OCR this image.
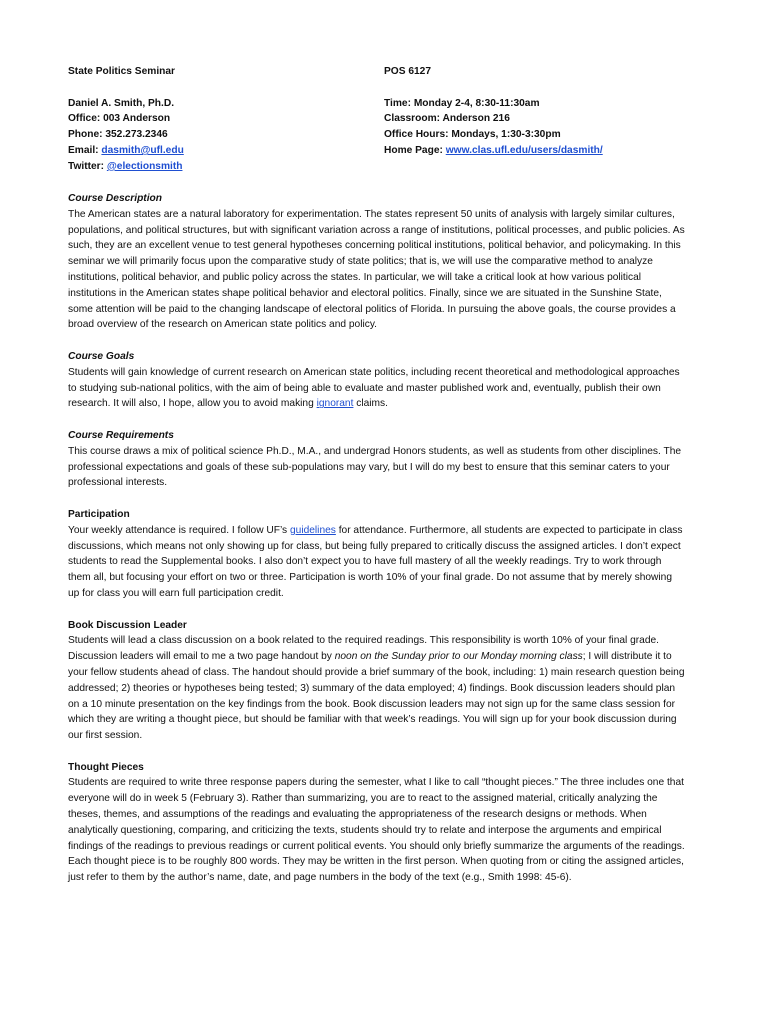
State Politics Seminar
Daniel A. Smith, Ph.D.
Office: 003 Anderson
Phone: 352.273.2346
Email: dasmith@ufl.edu
Twitter: @electionsmith
POS 6127
Time: Monday 2-4, 8:30-11:30am
Classroom: Anderson 216
Office Hours: Mondays, 1:30-3:30pm
Home Page: www.clas.ufl.edu/users/dasmith/
Course Description

The American states are a natural laboratory for experimentation. The states represent 50 units of analysis with largely similar cultures, populations, and political structures, but with significant variation across a range of institutions, political processes, and public policies. As such, they are an excellent venue to test general hypotheses concerning political institutions, political behavior, and policymaking. In this seminar we will primarily focus upon the comparative study of state politics; that is, we will use the comparative method to analyze institutions, political behavior, and public policy across the states. In particular, we will take a critical look at how various political institutions in the American states shape political behavior and electoral politics. Finally, since we are situated in the Sunshine State, some attention will be paid to the changing landscape of electoral politics of Florida. In pursuing the above goals, the course provides a broad overview of the research on American state politics and policy.

Course Goals

Students will gain knowledge of current research on American state politics, including recent theoretical and methodological approaches to studying sub-national politics, with the aim of being able to evaluate and master published work and, eventually, publish their own research. It will also, I hope, allow you to avoid making ignorant claims.

Course Requirements

This course draws a mix of political science Ph.D., M.A., and undergrad Honors students, as well as students from other disciplines. The professional expectations and goals of these sub-populations may vary, but I will do my best to ensure that this seminar caters to your professional interests.

Participation

Your weekly attendance is required. I follow UF’s guidelines for attendance. Furthermore, all students are expected to participate in class discussions, which means not only showing up for class, but being fully prepared to critically discuss the assigned articles. I don’t expect students to read the Supplemental books. I also don’t expect you to have full mastery of all the weekly readings. Try to work through them all, but focusing your effort on two or three. Participation is worth 10% of your final grade. Do not assume that by merely showing up for class you will earn full participation credit.

Book Discussion Leader

Students will lead a class discussion on a book related to the required readings. This responsibility is worth 10% of your final grade. Discussion leaders will email to me a two page handout by noon on the Sunday prior to our Monday morning class; I will distribute it to your fellow students ahead of class. The handout should provide a brief summary of the book, including: 1) main research question being addressed; 2) theories or hypotheses being tested; 3) summary of the data employed; 4) findings. Book discussion leaders should plan on a 10 minute presentation on the key findings from the book. Book discussion leaders may not sign up for the same class session for which they are writing a thought piece, but should be familiar with that week’s readings. You will sign up for your book discussion during our first session.

Thought Pieces

Students are required to write three response papers during the semester, what I like to call “thought pieces.” The three includes one that everyone will do in week 5 (February 3). Rather than summarizing, you are to react to the assigned material, critically analyzing the theses, themes, and assumptions of the readings and evaluating the appropriateness of the research designs or methods. When analytically questioning, comparing, and criticizing the texts, students should try to relate and interpose the arguments and empirical findings of the readings to previous readings or current political events. You should only briefly summarize the arguments of the readings. Each thought piece is to be roughly 800 words. They may be written in the first person. When quoting from or citing the assigned articles, just refer to them by the author’s name, date, and page numbers in the body of the text (e.g., Smith 1998: 45-6).
